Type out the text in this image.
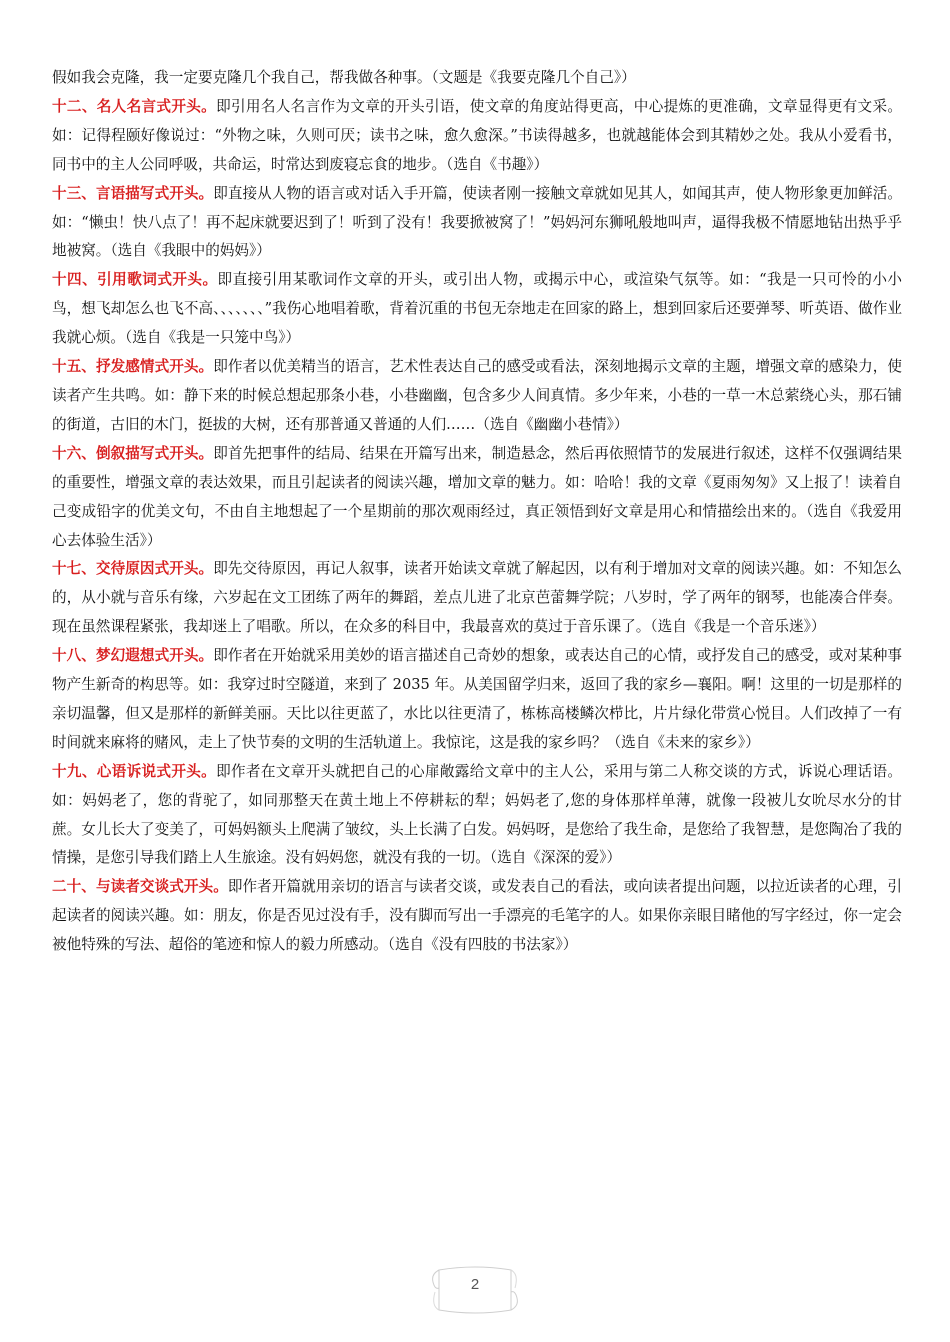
假如我会克隆，我一定要克隆几个我自己，帮我做各种事。（文题是《我要克隆几个自己》）

十二、名人名言式开头。即引用名人名言作为文章的开头引语，使文章的角度站得更高，中心提炼的更准确，文章显得更有文采。如：记得程颐好像说过：“外物之味，久则可厌；读书之味，愈久愈深。”书读得越多，也就越能体会到其精妙之处。我从小爱看书，同书中的主人公同呼吸，共命运，时常达到废寝忘食的地步。（选自《书趣》）

十三、言语描写式开头。即直接从人物的语言或对话入手开篇，使读者刚一接触文章就如见其人，如闻其声，使人物形象更加鲜活。如：“懒虫！快八点了！再不起床就要迟到了！听到了没有！我要掀被窝了！”妈妈河东狮吼般地叫声，逼得我极不情愿地钻出热乎乎地被窝。（选自《我眼中的妈妈》）

十四、引用歌词式开头。即直接引用某歌词作文章的开头，或引出人物，或揭示中心，或渲染气氛等。如：“我是一只可怜的小小鸟，想飞却怎么也飞不高、、、、、、、”我伤心地唱着歌，背着沉重的书包无奈地走在回家的路上，想到回家后还要弹琴、听英语、做作业我就心烦。（选自《我是一只笼中鸟》）

十五、抒发感情式开头。即作者以优美精当的语言，艺术性表达自己的感受或看法，深刻地揭示文章的主题，增强文章的感染力，使读者产生共鸣。如：静下来的时候总想起那条小巷，小巷幽幽，包含多少人间真情。多少年来，小巷的一草一木总萦绕心头，那石铺的街道，古旧的木门，挺拔的大树，还有那普通又普通的人们……（选自《幽幽小巷情》）

十六、倒叙描写式开头。即首先把事件的结局、结果在开篇写出来，制造悬念，然后再依照情节的发展进行叙述，这样不仅强调结果的重要性，增强文章的表达效果，而且引起读者的阅读兴趣，增加文章的魅力。如：哈哈！我的文章《夏雨匆匆》又上报了！读着自己变成铅字的优美文句，不由自主地想起了一个星期前的那次观雨经过，真正领悟到好文章是用心和情描绘出来的。（选自《我爱用心去体验生活》）

十七、交待原因式开头。即先交待原因，再记人叙事，读者开始读文章就了解起因，以有利于增加对文章的阅读兴趣。如：不知怎么的，从小就与音乐有缘，六岁起在文工团练了两年的舞蹈，差点儿进了北京芭蕾舞学院；八岁时，学了两年的钢琴，也能凑合伴奏。现在虽然课程紧张，我却迷上了唱歌。所以，在众多的科目中，我最喜欢的莫过于音乐课了。（选自《我是一个音乐迷》）

十八、梦幻遐想式开头。即作者在开始就采用美妙的语言描述自己奇妙的想象，或表达自己的心情，或抒发自己的感受，或对某种事物产生新奇的构思等。如：我穿过时空隧道，来到了 2035 年。从美国留学归来，返回了我的家乡—襄阳。啊！这里的一切是那样的亲切温馨，但又是那样的新鲜美丽。天比以往更蓝了，水比以往更清了，栋栋高楼鳞次栉比，片片绿化带赏心悦目。人们改掉了一有时间就来麻将的赌风，走上了快节奏的文明的生活轨道上。我惊诧，这是我的家乡吗？（选自《未来的家乡》）

十九、心语诉说式开头。即作者在文章开头就把自己的心扉敞露给文章中的主人公，采用与第二人称交谈的方式，诉说心理话语。如：妈妈老了，您的背驼了，如同那整天在黄土地上不停耕耘的犁；妈妈老了,您的身体那样单薄，就像一段被儿女吮尽水分的甘蔗。女儿长大了变美了，可妈妈额头上爬满了皱纹，头上长满了白发。妈妈呀，是您给了我生命，是您给了我智慧，是您陶冶了我的情操，是您引导我们踏上人生旅途。没有妈妈您，就没有我的一切。（选自《深深的爱》）

二十、与读者交谈式开头。即作者开篇就用亲切的语言与读者交谈，或发表自己的看法，或向读者提出问题，以拉近读者的心理，引起读者的阅读兴趣。如：朋友，你是否见过没有手，没有脚而写出一手漂亮的毛笔字的人。如果你亲眼目睹他的写字经过，你一定会被他特殊的写法、超俗的笔迹和惊人的毅力所感动。（选自《没有四肢的书法家》）

2
